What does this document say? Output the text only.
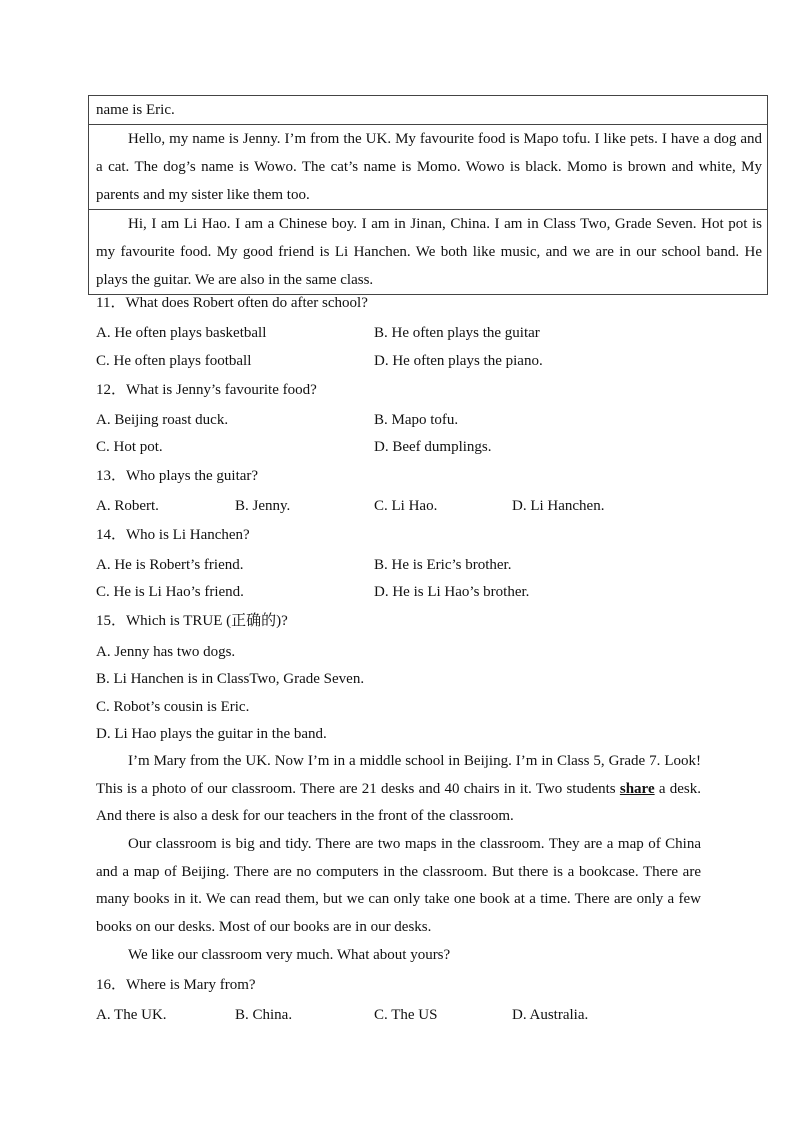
name is Eric.
Hello, my name is Jenny. I’m from the UK. My favourite food is Mapo tofu. I like pets. I have a dog and a cat. The dog’s name is Wowo. The cat’s name is Momo. Wowo is black. Momo is brown and white, My parents and my sister like them too.
Hi, I am Li Hao. I am a Chinese boy. I am in Jinan, China. I am in Class Two, Grade Seven. Hot pot is my favourite food. My good friend is Li Hanchen. We both like music, and we are in our school band. He plays the guitar. We are also in the same class.
11．What does Robert often do after school?
A. He often plays basketball	B. He often plays the guitar
C. He often plays football	D. He often plays the piano.
12．What is Jenny’s favourite food?
A. Beijing roast duck.	B. Mapo tofu.
C. Hot pot.	D. Beef dumplings.
13．Who plays the guitar?
A. Robert.	B. Jenny.	C. Li Hao.	D. Li Hanchen.
14．Who is Li Hanchen?
A. He is Robert’s friend.	B. He is Eric’s brother.
C. He is Li Hao’s friend.	D. He is Li Hao’s brother.
15．Which is TRUE (正确的)?
A. Jenny has two dogs.
B. Li Hanchen is in ClassTwo, Grade Seven.
C. Robot’s cousin is Eric.
D. Li Hao plays the guitar in the band.
I’m Mary from the UK. Now I’m in a middle school in Beijing. I’m in Class 5, Grade 7. Look! This is a photo of our classroom. There are 21 desks and 40 chairs in it. Two students share a desk. And there is also a desk for our teachers in the front of the classroom.
Our classroom is big and tidy. There are two maps in the classroom. They are a map of China and a map of Beijing. There are no computers in the classroom. But there is a bookcase. There are many books in it. We can read them, but we can only take one book at a time. There are only a few books on our desks. Most of our books are in our desks.
We like our classroom very much. What about yours?
16．Where is Mary from?
A. The UK.	B. China.	C. The US	D. Australia.
